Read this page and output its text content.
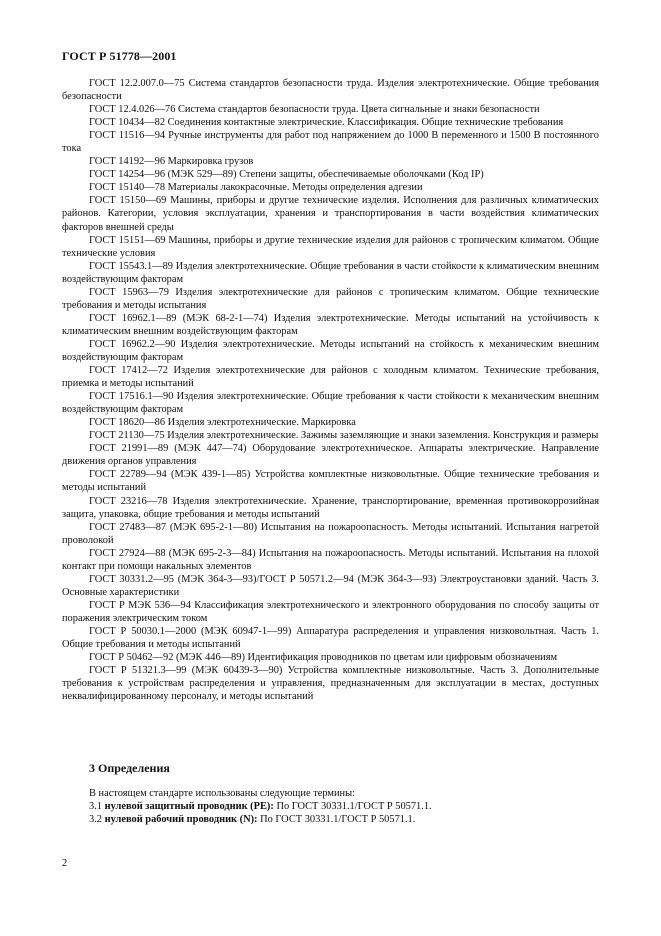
ГОСТ Р 51778—2001

ГОСТ 12.2.007.0—75 Система стандартов безопасности труда. Изделия электротехнические. Общие требования безопасности

ГОСТ 12.4.026—76 Система стандартов безопасности труда. Цвета сигнальные и знаки безопасности

ГОСТ 10434—82 Соединения контактные электрические. Классификация. Общие технические требования

ГОСТ 11516—94 Ручные инструменты для работ под напряжением до 1000 В переменного и 1500 В постоянного тока

ГОСТ 14192—96 Маркировка грузов

ГОСТ 14254—96 (МЭК 529—89) Степени защиты, обеспечиваемые оболочками (Код IP)

ГОСТ 15140—78 Материалы лакокрасочные. Методы определения адгезии

ГОСТ 15150—69 Машины, приборы и другие технические изделия. Исполнения для различных климатических районов. Категории, условия эксплуатации, хранения и транспортирования в части воздействия климатических факторов внешней среды

ГОСТ 15151—69 Машины, приборы и другие технические изделия для районов с тропическим климатом. Общие технические условия

ГОСТ 15543.1—89 Изделия электротехнические. Общие требования в части стойкости к климатическим внешним воздействующим факторам

ГОСТ 15963—79 Изделия электротехнические для районов с тропическим климатом. Общие технические требования и методы испытания

ГОСТ 16962.1—89 (МЭК 68-2-1—74) Изделия электротехнические. Методы испытаний на устойчивость к климатическим внешним воздействующим факторам

ГОСТ 16962.2—90 Изделия электротехнические. Методы испытаний на стойкость к механическим внешним воздействующим факторам

ГОСТ 17412—72 Изделия электротехнические для районов с холодным климатом. Технические требования, приемка и методы испытаний

ГОСТ 17516.1—90 Изделия электротехнические. Общие требования к части стойкости к механическим внешним воздействующим факторам

ГОСТ 18620—86 Изделия электротехнические. Маркировка

ГОСТ 21130—75 Изделия электротехнические. Зажимы заземляющие и знаки заземления. Конструкция и размеры

ГОСТ 21991—89 (МЭК 447—74) Оборудование электротехническое. Аппараты электрические. Направление движения органов управления

ГОСТ 22789—94 (МЭК 439-1—85) Устройства комплектные низковольтные. Общие технические требования и методы испытаний

ГОСТ 23216—78 Изделия электротехнические. Хранение, транспортирование, временная противокоррозийная защита, упаковка, общие требования и методы испытаний

ГОСТ 27483—87 (МЭК 695-2-1—80) Испытания на пожароопасность. Методы испытаний. Испытания нагретой проволокой

ГОСТ 27924—88 (МЭК 695-2-3—84) Испытания на пожароопасность. Методы испытаний. Испытания на плохой контакт при помощи накальных элементов

ГОСТ 30331.2—95 (МЭК 364-3—93)/ГОСТ Р 50571.2—94 (МЭК 364-3—93) Электроустановки зданий. Часть 3. Основные характеристики

ГОСТ Р МЭК 536—94 Классификация электротехнического и электронного оборудования по способу защиты от поражения электрическим током

ГОСТ Р 50030.1—2000 (МЭК 60947-1—99) Аппаратура распределения и управления низковольтная. Часть 1. Общие требования и методы испытаний

ГОСТ Р 50462—92 (МЭК 446—89) Идентификация проводников по цветам или цифровым обозначениям

ГОСТ Р 51321.3—99 (МЭК 60439-3—90) Устройства комплектные низковольтные. Часть 3. Дополнительные требования к устройствам распределения и управления, предназначенным для эксплуатации в местах, доступных неквалифицированному персоналу, и методы испытаний

3 Определения

В настоящем стандарте использованы следующие термины:

3.1 нулевой защитный проводник (РЕ): По ГОСТ 30331.1/ГОСТ Р 50571.1.

3.2 нулевой рабочий проводник (N): По ГОСТ 30331.1/ГОСТ Р 50571.1.

2
